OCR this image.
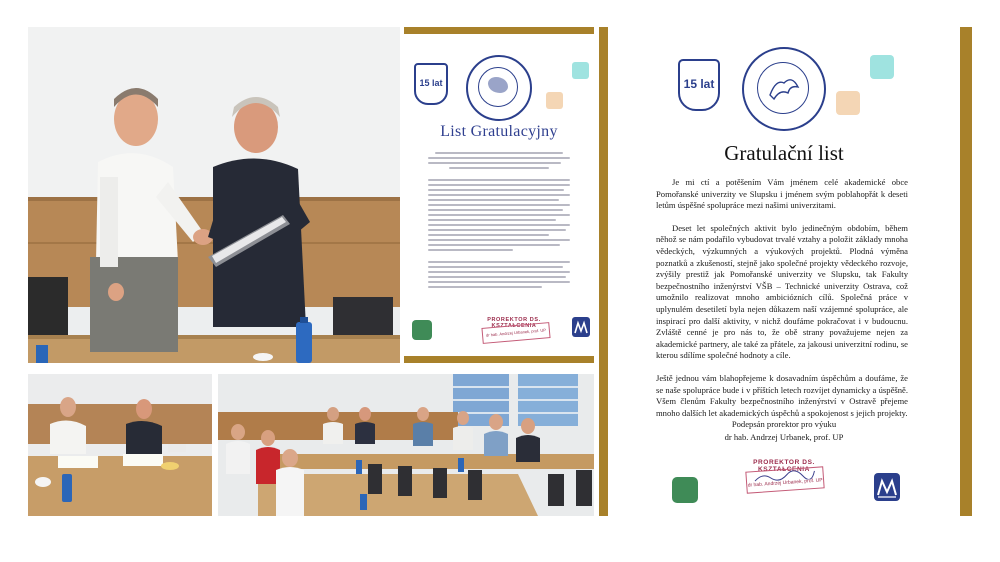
15 lat
List Gratulacyjny
PROREKTOR DS. KSZTAŁCENIA
dr hab. Andrzej Urbanek, prof. UP
15 lat
Gratulační list

Je mi ctí a potěšením Vám jménem celé akademické obce Pomořanské univerzity ve Slupsku i jménem svým poblahopřát k deseti letům úspěšné spolupráce mezi našimi univerzitami.

Deset let společných aktivit bylo jedinečným obdobím, během něhož se nám podařilo vybudovat trvalé vztahy a položit základy mnoha vědeckých, výzkumných a výukových projektů. Plodná výměna poznatků a zkušeností, stejně jako společné projekty vědeckého rozvoje, zvýšily prestiž jak Pomořanské univerzity ve Slupsku, tak Fakulty bezpečnostního inženýrství VŠB – Technické univerzity Ostrava, což umožnilo realizovat mnoho ambiciózních cílů. Společná práce v uplynulém desetiletí byla nejen důkazem naší vzájemné spolupráce, ale inspirací pro další aktivity, v nichž doufáme pokračovat i v budoucnu. Zvláště cenné je pro nás to, že obě strany považujeme nejen za akademické partnery, ale také za přátele, za jakousi univerzitní rodinu, se kterou sdílíme společné hodnoty a cíle.

Ještě jednou vám blahopřejeme k dosavadním úspěchům a doufáme, že se naše spolupráce bude i v příštích letech rozvíjet dynamicky a úspěšně. Všem členům Fakulty bezpečnostního inženýrství v Ostravě přejeme mnoho dalších let akademických úspěchů a spokojenost s jejich projekty.

Podepsán prorektor pro výuku
dr hab. Andrzej Urbanek, prof. UP
PROREKTOR DS. KSZTAŁCENIA
dr hab. Andrzej Urbanek, prof. UP
